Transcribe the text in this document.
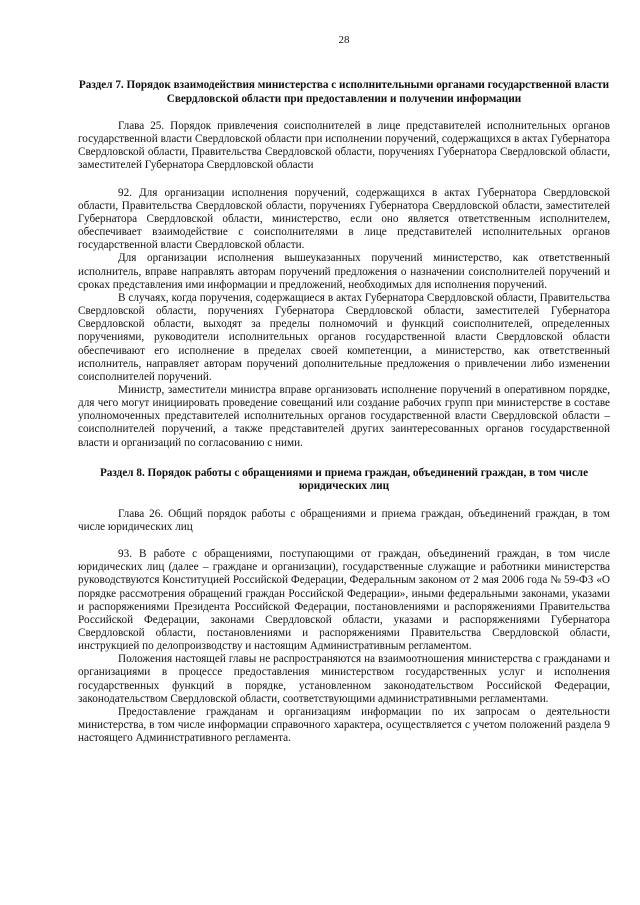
28

Раздел 7. Порядок взаимодействия министерства с исполнительными органами государственной власти Свердловской области при предоставлении и получении информации

Глава 25. Порядок привлечения соисполнителей в лице представителей исполнительных органов государственной власти Свердловской области при исполнении поручений, содержащихся в актах Губернатора Свердловской области, Правительства Свердловской области, поручениях Губернатора Свердловской области, заместителей Губернатора Свердловской области

92. Для организации исполнения поручений, содержащихся в актах Губернатора Свердловской области, Правительства Свердловской области, поручениях Губернатора Свердловской области, заместителей Губернатора Свердловской области, министерство, если оно является ответственным исполнителем, обеспечивает взаимодействие с соисполнителями в лице представителей исполнительных органов государственной власти Свердловской области.

Для организации исполнения вышеуказанных поручений министерство, как ответственный исполнитель, вправе направлять авторам поручений предложения о назначении соисполнителей поручений и сроках представления ими информации и предложений, необходимых для исполнения поручений.

В случаях, когда поручения, содержащиеся в актах Губернатора Свердловской области, Правительства Свердловской области, поручениях Губернатора Свердловской области, заместителей Губернатора Свердловской области, выходят за пределы полномочий и функций соисполнителей, определенных поручениями, руководители исполнительных органов государственной власти Свердловской области обеспечивают его исполнение в пределах своей компетенции, а министерство, как ответственный исполнитель, направляет авторам поручений дополнительные предложения о привлечении либо изменении соисполнителей поручений.

Министр, заместители министра вправе организовать исполнение поручений в оперативном порядке, для чего могут инициировать проведение совещаний или создание рабочих групп при министерстве в составе уполномоченных представителей исполнительных органов государственной власти Свердловской области – соисполнителей поручений, а также представителей других заинтересованных органов государственной власти и организаций по согласованию с ними.

Раздел 8. Порядок работы с обращениями и приема граждан, объединений граждан, в том числе юридических лиц

Глава 26. Общий порядок работы с обращениями и приема граждан, объединений граждан, в том числе юридических лиц

93. В работе с обращениями, поступающими от граждан, объединений граждан, в том числе юридических лиц (далее – граждане и организации), государственные служащие и работники министерства руководствуются Конституцией Российской Федерации, Федеральным законом от 2 мая 2006 года № 59-ФЗ «О порядке рассмотрения обращений граждан Российской Федерации», иными федеральными законами, указами и распоряжениями Президента Российской Федерации, постановлениями и распоряжениями Правительства Российской Федерации, законами Свердловской области, указами и распоряжениями Губернатора Свердловской области, постановлениями и распоряжениями Правительства Свердловской области, инструкцией по делопроизводству и настоящим Административным регламентом.

Положения настоящей главы не распространяются на взаимоотношения министерства с гражданами и организациями в процессе предоставления министерством государственных услуг и исполнения государственных функций в порядке, установленном законодательством Российской Федерации, законодательством Свердловской области, соответствующими административными регламентами.

Предоставление гражданам и организациям информации по их запросам о деятельности министерства, в том числе информации справочного характера, осуществляется с учетом положений раздела 9 настоящего Административного регламента.
